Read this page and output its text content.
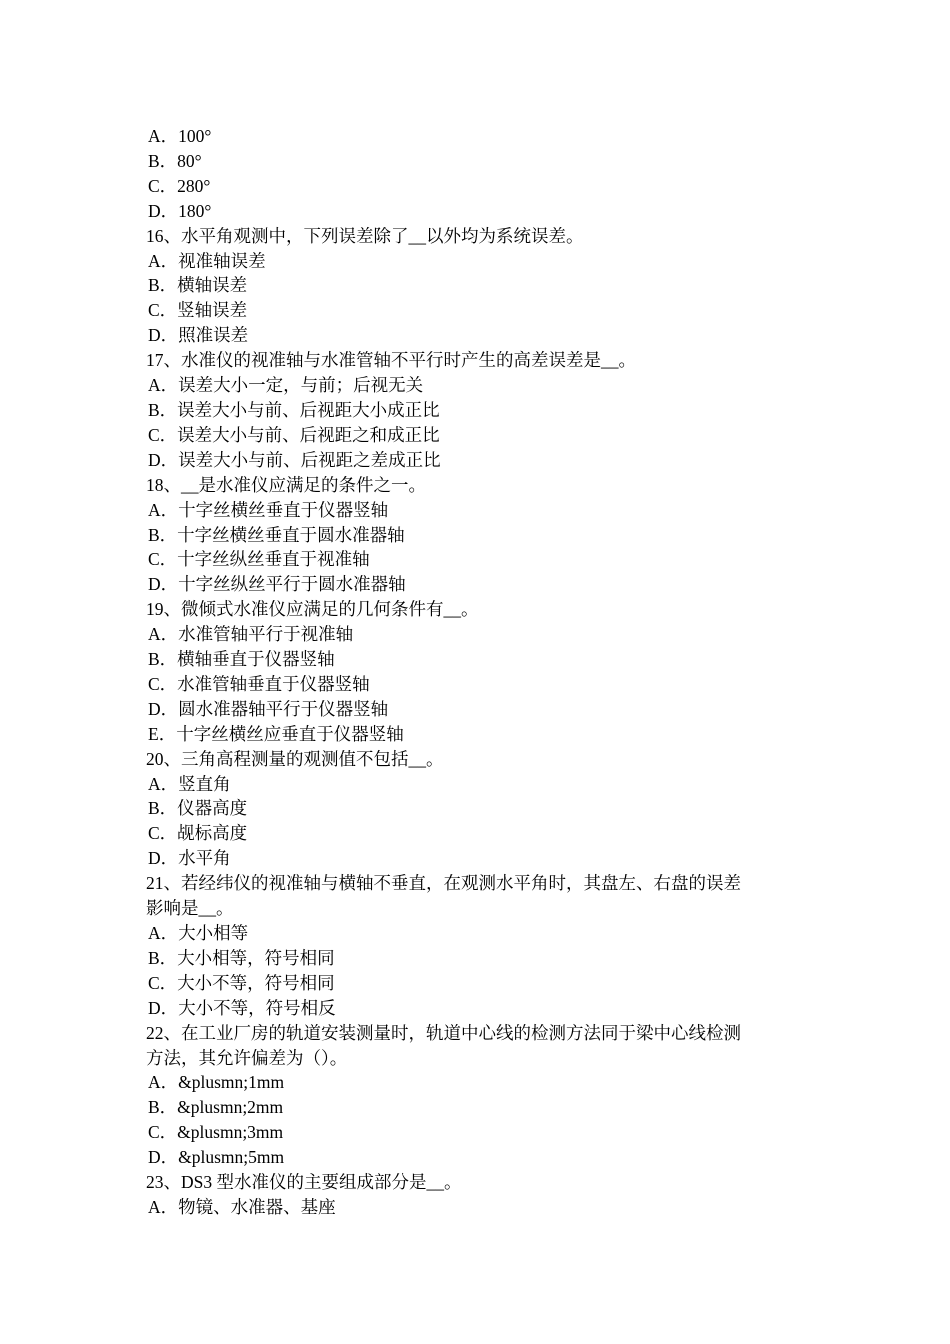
A．100°
B．80°
C．280°
D．180°
16、水平角观测中，下列误差除了__以外均为系统误差。
A．视准轴误差
B．横轴误差
C．竖轴误差
D．照准误差
17、水准仪的视准轴与水准管轴不平行时产生的高差误差是__。
A．误差大小一定，与前；后视无关
B．误差大小与前、后视距大小成正比
C．误差大小与前、后视距之和成正比
D．误差大小与前、后视距之差成正比
18、__是水准仪应满足的条件之一。
A．十字丝横丝垂直于仪器竖轴
B．十字丝横丝垂直于圆水准器轴
C．十字丝纵丝垂直于视准轴
D．十字丝纵丝平行于圆水准器轴
19、微倾式水准仪应满足的几何条件有__。
A．水准管轴平行于视准轴
B．横轴垂直于仪器竖轴
C．水准管轴垂直于仪器竖轴
D．圆水准器轴平行于仪器竖轴
E．十字丝横丝应垂直于仪器竖轴
20、三角高程测量的观测值不包括__。
A．竖直角
B．仪器高度
C．觇标高度
D．水平角
21、若经纬仪的视准轴与横轴不垂直，在观测水平角时，其盘左、右盘的误差
影响是__。
A．大小相等
B．大小相等，符号相同
C．大小不等，符号相同
D．大小不等，符号相反
22、在工业厂房的轨道安装测量时，轨道中心线的检测方法同于梁中心线检测
方法，其允许偏差为（）。
A．&plusmn;1mm
B．&plusmn;2mm
C．&plusmn;3mm
D．&plusmn;5mm
23、DS3 型水准仪的主要组成部分是__。
A．物镜、水准器、基座
